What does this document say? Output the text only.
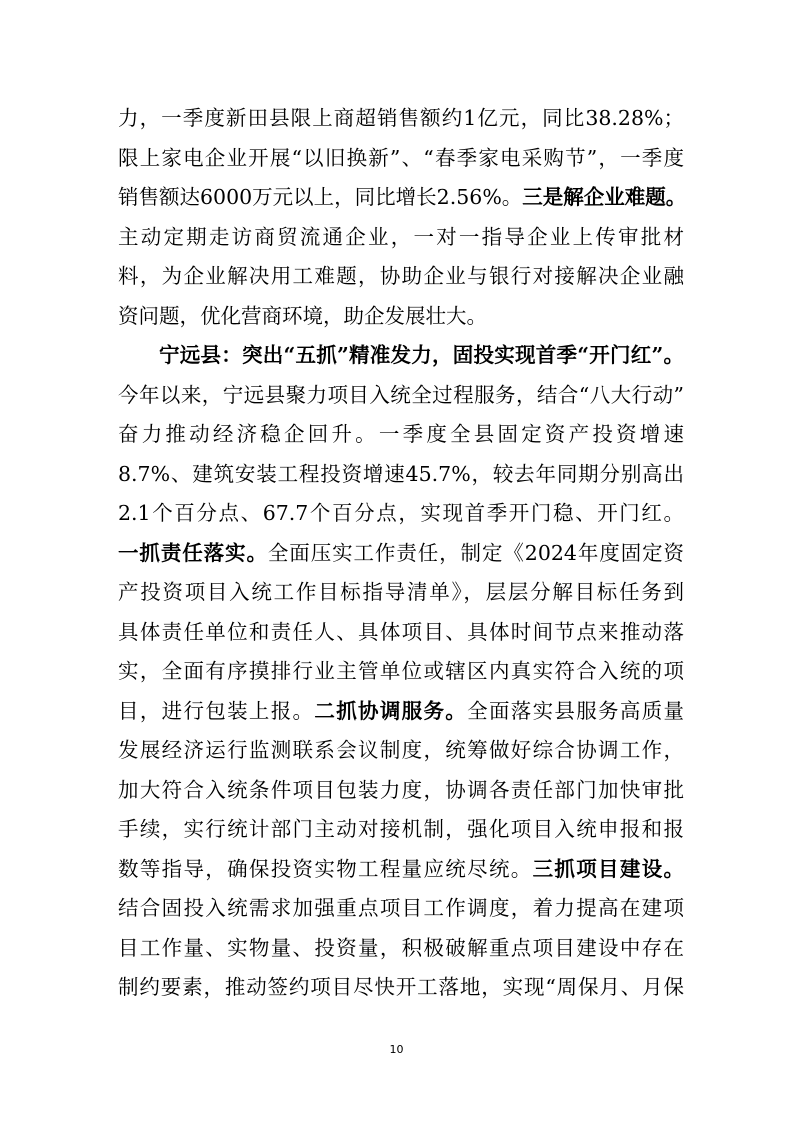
力，一季度新田县限上商超销售额约1亿元，同比38.28%；
限上家电企业开展“以旧换新”、“春季家电采购节”，一季度
销售额达6000万元以上，同比增长2.56%。三是解企业难题。
主动定期走访商贸流通企业，一对一指导企业上传审批材
料，为企业解决用工难题，协助企业与银行对接解决企业融
资问题，优化营商环境，助企发展壮大。
宁远县：突出“五抓”精准发力，固投实现首季“开门红”。
今年以来，宁远县聚力项目入统全过程服务，结合“八大行动”
奋力推动经济稳企回升。一季度全县固定资产投资增速
8.7%、建筑安装工程投资增速45.7%，较去年同期分别高出
2.1个百分点、67.7个百分点，实现首季开门稳、开门红。
一抓责任落实。全面压实工作责任，制定《2024年度固定资
产投资项目入统工作目标指导清单》，层层分解目标任务到
具体责任单位和责任人、具体项目、具体时间节点来推动落
实，全面有序摸排行业主管单位或辖区内真实符合入统的项
目，进行包装上报。二抓协调服务。全面落实县服务高质量
发展经济运行监测联系会议制度，统筹做好综合协调工作，
加大符合入统条件项目包装力度，协调各责任部门加快审批
手续，实行统计部门主动对接机制，强化项目入统申报和报
数等指导，确保投资实物工程量应统尽统。三抓项目建设。
结合固投入统需求加强重点项目工作调度，着力提高在建项
目工作量、实物量、投资量，积极破解重点项目建设中存在
制约要素，推动签约项目尽快开工落地，实现“周保月、月保
10
